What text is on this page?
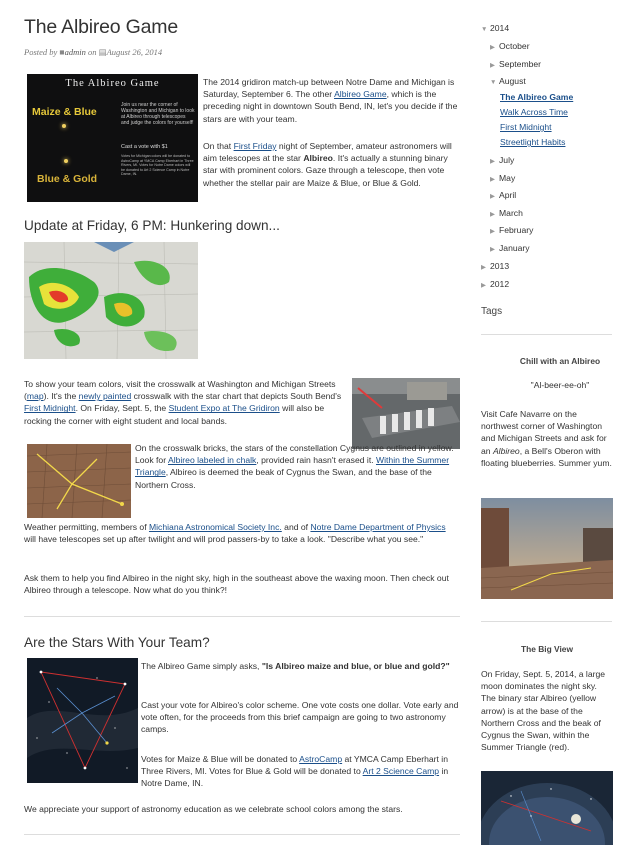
The Albireo Game
Posted by ■admin on ▤August 26, 2014
The Albireo Game
Maize & Blue
Blue & Gold
Join us near the corner of Washington and Michigan to look at Albireo through telescopes and judge the colors for yourself!
Cast a vote with $1
Votes for Michigan colors will be donated to AstroCamp at YMCA Camp Eberhart in Three Rivers, MI. Votes for Notre Dame colors will be donated to Art 2 Science Camp in Notre Dame, IN.
The 2014 gridiron match-up between Notre Dame and Michigan is Saturday, September 6. The other Albireo Game, which is the preceding night in downtown South Bend, IN, let's you decide if the stars are with your team.
On that First Friday night of September, amateur astronomers will aim telescopes at the star Albireo. It's actually a stunning binary star with prominent colors. Gaze through a telescope, then vote whether the stellar pair are Maize & Blue, or Blue & Gold.
Update at Friday, 6 PM: Hunkering down...
To show your team colors, visit the crosswalk at Washington and Michigan Streets (map). It's the newly painted crosswalk with the star chart that depicts South Bend's First Midnight. On Friday, Sept. 5, the Student Expo at The Gridiron will also be rocking the corner with eight student and local bands.
On the crosswalk bricks, the stars of the constellation Cygnus are outlined in yellow. Look for Albireo labeled in chalk, provided rain hasn't erased it. Within the Summer Triangle, Albireo is deemed the beak of Cygnus the Swan, and the base of the Northern Cross.
Weather permitting, members of Michiana Astronomical Society Inc. and of Notre Dame Department of Physics will have telescopes set up after twilight and will prod passers-by to take a look. "Describe what you see."
Ask them to help you find Albireo in the night sky, high in the southeast above the waxing moon. Then check out Albireo through a telescope. Now what do you think?!
Are the Stars With Your Team?
The Albireo Game simply asks, "Is Albireo maize and blue, or blue and gold?"
Cast your vote for Albireo's color scheme. One vote costs one dollar. Vote early and vote often, for the proceeds from this brief campaign are going to two astronomy camps.
Votes for Maize & Blue will be donated to AstroCamp at YMCA Camp Eberhart in Three Rivers, MI. Votes for Blue & Gold will be donated to Art 2 Science Camp in Notre Dame, IN.
We appreciate your support of astronomy education as we celebrate school colors among the stars.
▼ 2014
▶ October
▶ September
▼ August
The Albireo Game
Walk Across Time
First Midnight
Streetlight Habits
▶ July
▶ May
▶ April
▶ March
▶ February
▶ January
▶ 2013
▶ 2012
Tags
Chill with an Albireo
"Al-beer-ee-oh"
Visit Cafe Navarre on the northwest corner of Washington and Michigan Streets and ask for an Albireo, a Bell's Oberon with floating blueberries. Summer yum.
The Big View
On Friday, Sept. 5, 2014, a large moon dominates the night sky. The binary star Albireo (yellow arrow) is at the base of the Northern Cross and the beak of Cygnus the Swan, within the Summer Triangle (red).
